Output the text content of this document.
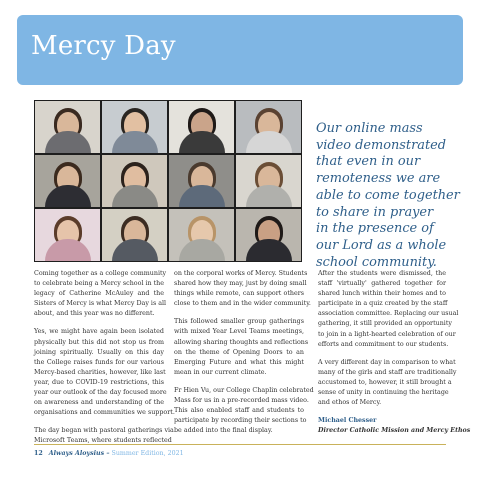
Mercy Day
Our online mass
video demonstrated
that even in our
remoteness we are
able to come together
to share in prayer
in the presence of
our Lord as a whole
school community.

Coming together as a college community
to celebrate being a Mercy school in the
legacy of Catherine McAuley and the
Sisters of Mercy is what Mercy Day is all
about, and this year was no different.

Yes, we might have again been isolated
physically but this did not stop us from
joining spiritually. Usually on this day
the College raises funds for our various
Mercy-based charities, however, like last
year, due to COVID-19 restrictions, this
year our outlook of the day focused more
on awareness and understanding of the
organisations and communities we support.

The day began with pastoral gatherings via
Microsoft Teams, where students reflected

on the corporal works of Mercy. Students
shared how they may, just by doing small
things while remote, can support others
close to them and in the wider community.

This followed smaller group gatherings
with mixed Year Level Teams meetings,
allowing sharing thoughts and reflections
on the theme of Opening Doors to an
Emerging Future and what this might
mean in our current climate.

Fr Hien Vu, our College Chaplin celebrated
Mass for us in a pre-recorded mass video.
This also enabled staff and students to
participate by recording their sections to
be added into the final display.

After the students were dismissed, the
staff 'virtually' gathered together for
shared lunch within their homes and to
participate in a quiz created by the staff
association committee. Replacing our usual
gathering, it still provided an opportunity
to join in a light-hearted celebration of our
efforts and commitment to our students.

A very different day in comparison to what
many of the girls and staff are traditionally
accustomed to, however, it still brought a
sense of unity in continuing the heritage
and ethos of Mercy.

Michael Chesser
Director Catholic Mission and Mercy Ethos
12 Always Aloysius – Summer Edition, 2021
